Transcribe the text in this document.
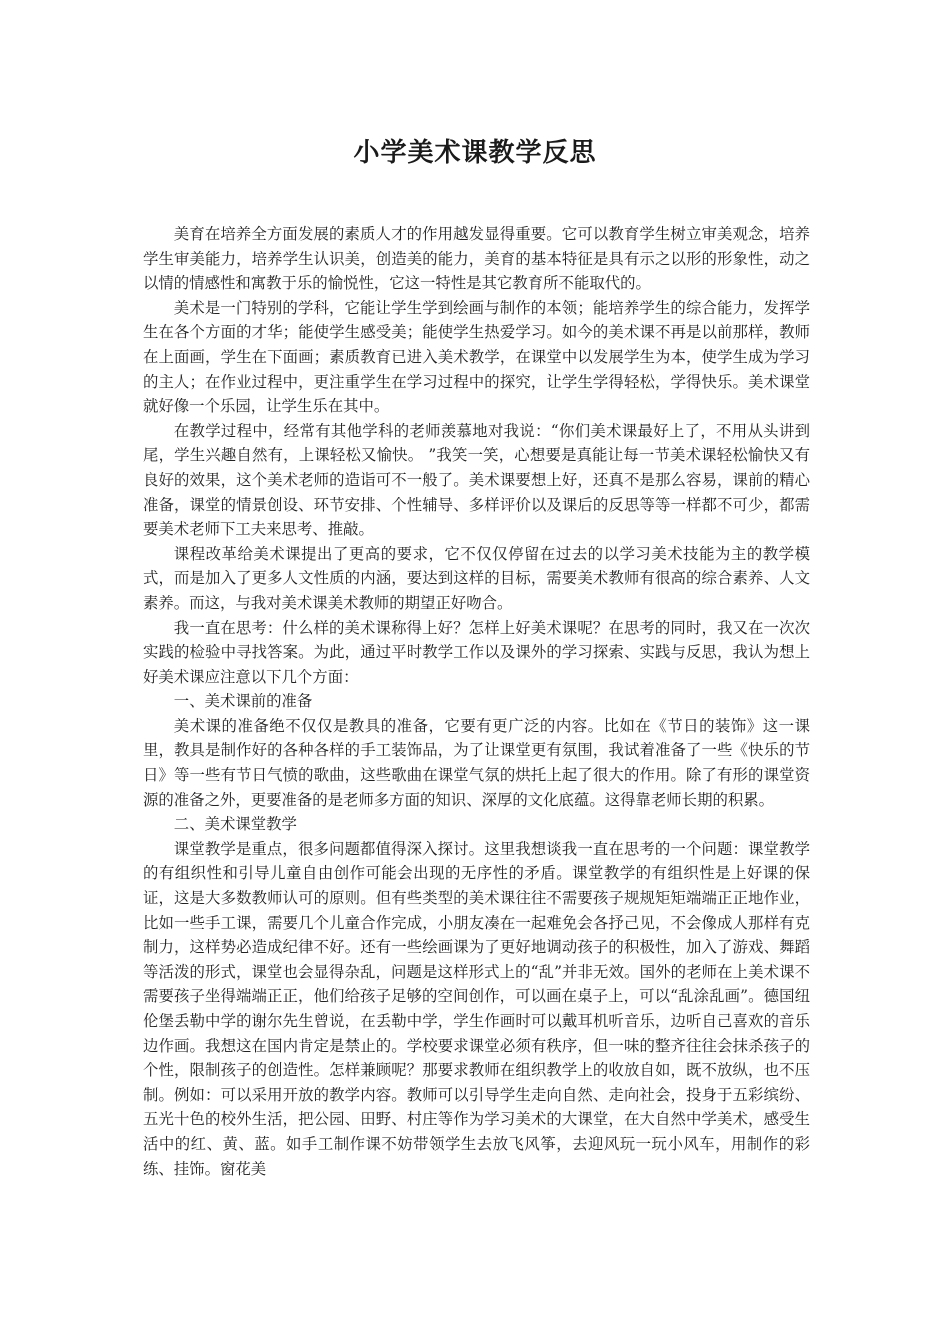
小学美术课教学反思

美育在培养全方面发展的素质人才的作用越发显得重要。它可以教育学生树立审美观念，培养学生审美能力，培养学生认识美，创造美的能力，美育的基本特征是具有示之以形的形象性，动之以情的情感性和寓教于乐的愉悦性，它这一特性是其它教育所不能取代的。

美术是一门特别的学科，它能让学生学到绘画与制作的本领；能培养学生的综合能力，发挥学生在各个方面的才华；能使学生感受美；能使学生热爱学习。如今的美术课不再是以前那样，教师在上面画，学生在下面画；素质教育已进入美术教学，在课堂中以发展学生为本，使学生成为学习的主人；在作业过程中，更注重学生在学习过程中的探究，让学生学得轻松，学得快乐。美术课堂就好像一个乐园，让学生乐在其中。

在教学过程中，经常有其他学科的老师羡慕地对我说：“你们美术课最好上了，不用从头讲到尾，学生兴趣自然有，上课轻松又愉快。 ”我笑一笑，心想要是真能让每一节美术课轻松愉快又有良好的效果，这个美术老师的造诣可不一般了。美术课要想上好，还真不是那么容易，课前的精心准备，课堂的情景创设、环节安排、个性辅导、多样评价以及课后的反思等等一样都不可少，都需要美术老师下工夫来思考、推敲。

课程改革给美术课提出了更高的要求，它不仅仅停留在过去的以学习美术技能为主的教学模式，而是加入了更多人文性质的内涵，要达到这样的目标，需要美术教师有很高的综合素养、人文素养。而这，与我对美术课美术教师的期望正好吻合。

我一直在思考：什么样的美术课称得上好？怎样上好美术课呢？在思考的同时，我又在一次次实践的检验中寻找答案。为此，通过平时教学工作以及课外的学习探索、实践与反思，我认为想上好美术课应注意以下几个方面：

一、美术课前的准备

美术课的准备绝不仅仅是教具的准备，它要有更广泛的内容。比如在《节日的装饰》这一课里，教具是制作好的各种各样的手工装饰品，为了让课堂更有氛围，我试着准备了一些《快乐的节日》等一些有节日气愤的歌曲，这些歌曲在课堂气氛的烘托上起了很大的作用。除了有形的课堂资源的准备之外，更要准备的是老师多方面的知识、深厚的文化底蕴。这得靠老师长期的积累。

二、美术课堂教学

课堂教学是重点，很多问题都值得深入探讨。这里我想谈我一直在思考的一个问题：课堂教学的有组织性和引导儿童自由创作可能会出现的无序性的矛盾。课堂教学的有组织性是上好课的保证，这是大多数教师认可的原则。但有些类型的美术课往往不需要孩子规规矩矩端端正正地作业，比如一些手工课，需要几个儿童合作完成，小朋友凑在一起难免会各抒己见，不会像成人那样有克制力，这样势必造成纪律不好。还有一些绘画课为了更好地调动孩子的积极性，加入了游戏、舞蹈等活泼的形式，课堂也会显得杂乱，问题是这样形式上的“乱”并非无效。国外的老师在上美术课不需要孩子坐得端端正正，他们给孩子足够的空间创作，可以画在桌子上，可以“乱涂乱画”。德国纽伦堡丢勒中学的谢尔先生曾说，在丢勒中学，学生作画时可以戴耳机听音乐，边听自己喜欢的音乐边作画。我想这在国内肯定是禁止的。学校要求课堂必须有秩序，但一味的整齐往往会抹杀孩子的个性，限制孩子的创造性。怎样兼顾呢？那要求教师在组织教学上的收放自如，既不放纵，也不压制。例如：可以采用开放的教学内容。教师可以引导学生走向自然、走向社会，投身于五彩缤纷、五光十色的校外生活，把公园、田野、村庄等作为学习美术的大课堂，在大自然中学美术，感受生活中的红、黄、蓝。如手工制作课不妨带领学生去放飞风筝，去迎风玩一玩小风车，用制作的彩练、挂饰。窗花美
